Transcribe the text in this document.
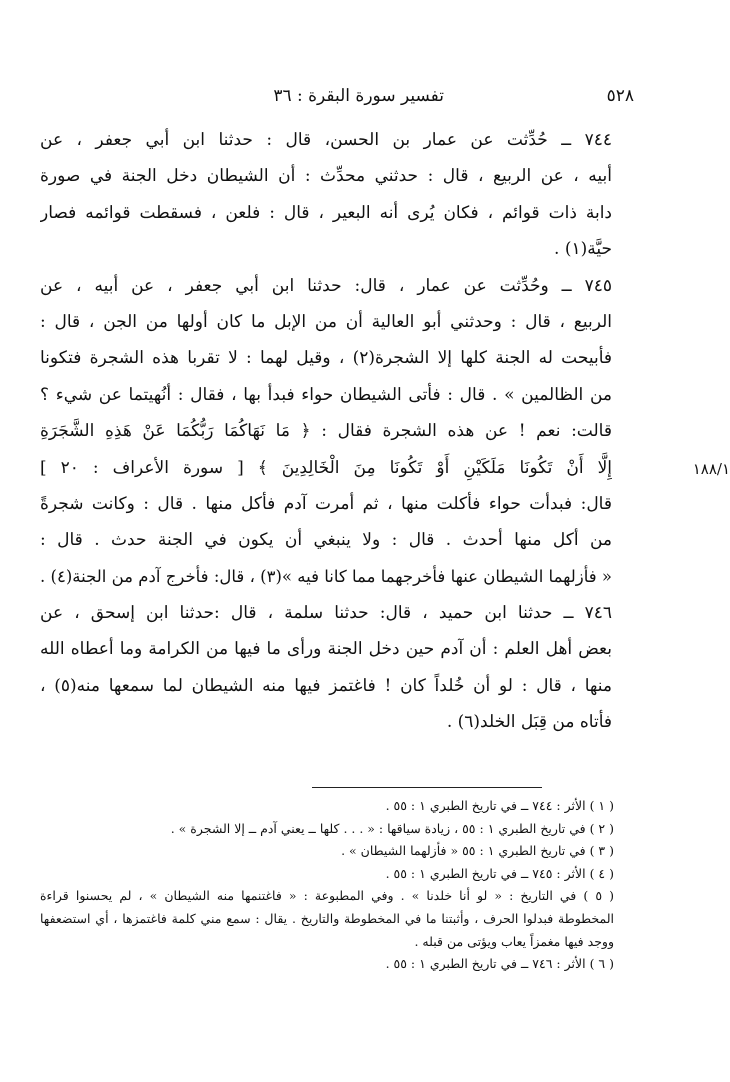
٥٢٨
تفسير سورة البقرة : ٣٦
١٨٨/١
٧٤٤ ــ حُدِّثت عن عمار بن الحسن، قال : حدثنا ابن أبي جعفر ، عن
أبيه ، عن الربيع ، قال : حدثني محدِّث : أن الشيطان دخل الجنة في صورة
دابة ذات قوائم ، فكان يُرى أنه البعير ، قال : فلعن ، فسقطت قوائمه فصار
حيَّة(١) .
٧٤٥ ــ وحُدِّثت عن عمار ، قال: حدثنا ابن أبي جعفر ، عن أبيه ، عن
الربيع ، قال : وحدثني أبو العالية أن من الإبل ما كان أولها من الجن ، قال :
فأبيحت له الجنة كلها إلا الشجرة(٢) ، وقيل لهما : لا تقربا هذه الشجرة فتكونا
من الظالمين » . قال : فأتى الشيطان حواء فبدأ بها ، فقال : أنُهيتما عن شيء ؟
قالت: نعم ! عن هذه الشجرة فقال : ﴿ مَا نَهَاكُمَا رَبُّكُمَا عَنْ هَذِهِ الشَّجَرَةِ
إِلَّا أَنْ تَكُونَا مَلَكَيْنِ أَوْ تَكُونَا مِنَ الْخَالِدِينَ ﴾ [ سورة الأعراف : ٢٠ ]
قال: فبدأت حواء فأكلت منها ، ثم أمرت آدم فأكل منها . قال : وكانت شجرةً
من أكل منها أحدث . قال : ولا ينبغي أن يكون في الجنة حدث . قال :
« فأزلهما الشيطان عنها فأخرجهما مما كانا فيه »(٣) ، قال: فأخرج آدم من الجنة(٤) .
٧٤٦ ــ حدثنا ابن حميد ، قال: حدثنا سلمة ، قال :حدثنا ابن إسحق ، عن
بعض أهل العلم : أن آدم حين دخل الجنة ورأى ما فيها من الكرامة وما أعطاه الله
منها ، قال : لو أن خُلداً كان ! فاغتمز فيها منه الشيطان لما سمعها منه(٥) ،
فأتاه من قِبَل الخلد(٦) .
( ١ ) الأثر : ٧٤٤ ــ في تاريخ الطبري ١ : ٥٥ .
( ٢ ) في تاريخ الطبري ١ : ٥٥ ، زيادة سياقها : « . . . كلها ــ يعني آدم ــ إلا الشجرة » .
( ٣ ) في تاريخ الطبري ١ : ٥٥ « فأزلهما الشيطان » .
( ٤ ) الأثر : ٧٤٥ ــ في تاريخ الطبري ١ : ٥٥ .
( ٥ ) في التاريخ : « لو أنا خلدنا » . وفي المطبوعة : « فاغتنمها منه الشيطان » ، لم يحسنوا قراءة
المخطوطة فبدلوا الحرف ، وأثبتنا ما في المخطوطة والتاريخ . يقال : سمع مني كلمة فاغتمزها ، أي استضعفها
ووجد فيها مغمزاً يعاب ويؤتى من قبله .
( ٦ ) الأثر : ٧٤٦ ــ في تاريخ الطبري ١ : ٥٥ .
